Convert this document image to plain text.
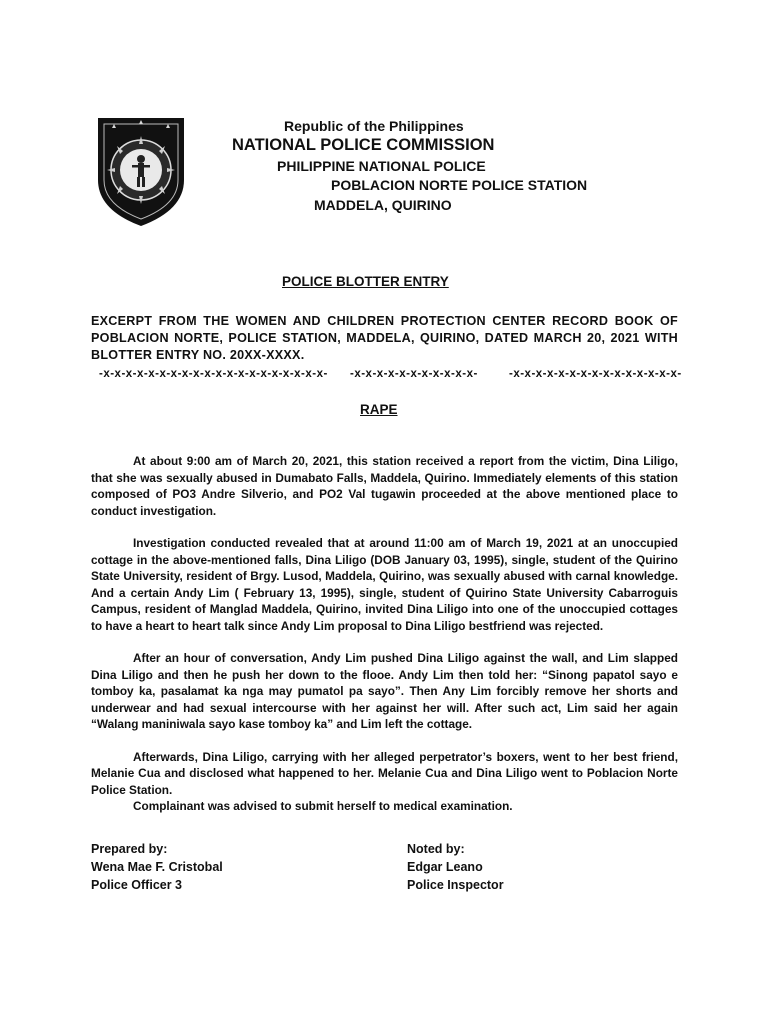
Republic of the Philippines
NATIONAL POLICE COMMISSION
PHILIPPINE NATIONAL POLICE
POBLACION NORTE POLICE STATION
MADDELA, QUIRINO
POLICE BLOTTER ENTRY
EXCERPT FROM THE WOMEN AND CHILDREN PROTECTION CENTER RECORD BOOK OF POBLACION NORTE, POLICE STATION, MADDELA, QUIRINO, DATED MARCH 20, 2021 WITH BLOTTER ENTRY NO. 20XX-XXXX.
-x-x-x-x-x-x-x-x-x-x-x-x-x-x-x-x-x-x-x-x- -x-x-x-x-x-x-x-x-x-x-x-	-x-x-x-x-x-x-x-x-x-x-x-x-x-x-x-
RAPE

At about 9:00 am of March 20, 2021, this station received a report from the victim, Dina Liligo, that she was sexually abused in Dumabato Falls, Maddela, Quirino. Immediately elements of this station composed of PO3 Andre Silverio, and PO2 Val tugawin proceeded at the above mentioned place to conduct investigation.

Investigation conducted revealed that at around 11:00 am of March 19, 2021 at an unoccupied cottage in the above-mentioned falls, Dina Liligo (DOB January 03, 1995), single, student of the Quirino State University, resident of Brgy. Lusod, Maddela, Quirino, was sexually abused with carnal knowledge. And a certain Andy Lim ( February 13, 1995), single, student of Quirino State University Cabarroguis Campus, resident of Manglad Maddela, Quirino, invited Dina Liligo into one of the unoccupied cottages to have a heart to heart talk since Andy Lim proposal to Dina Liligo bestfriend was rejected.

After an hour of conversation, Andy Lim pushed Dina Liligo against the wall, and Lim slapped Dina Liligo and then he push her down to the flooe. Andy Lim then told her: “Sinong papatol sayo e tomboy ka, pasalamat ka nga may pumatol pa sayo”. Then Any Lim forcibly remove her shorts and underwear and had sexual intercourse with her against her will. After such act, Lim said her again “Walang maniniwala sayo kase tomboy ka” and Lim left the cottage.

Afterwards, Dina Liligo, carrying with her alleged perpetrator’s boxers, went to her best friend, Melanie Cua and disclosed what happened to her. Melanie Cua and Dina Liligo went to Poblacion Norte Police Station.

Complainant was advised to submit herself to medical examination.

Prepared by:
Wena Mae F. Cristobal
Police Officer 3
Noted by:
Edgar Leano
Police Inspector
